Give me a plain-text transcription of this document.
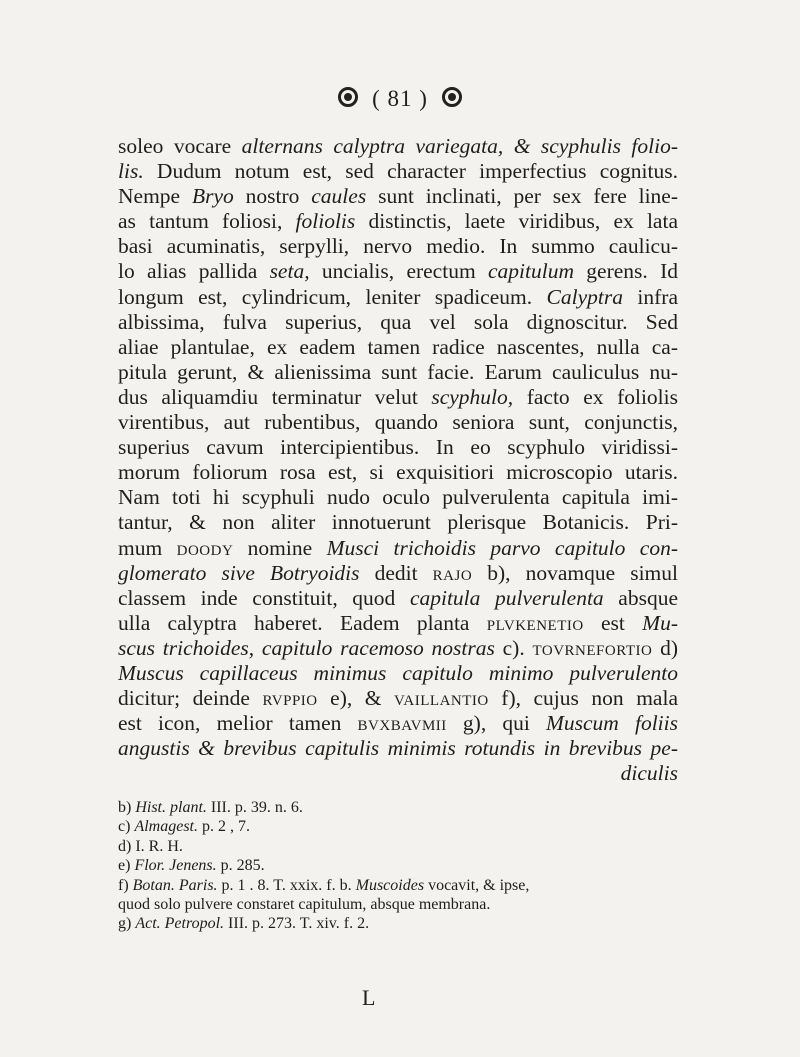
( 81 )
soleo vocare alternans calyptra variegata, & scyphulis folio-
lis. Dudum notum est, sed character imperfectius cognitus.
Nempe Bryo nostro caules sunt inclinati, per sex fere line-
as tantum foliosi, foliolis distinctis, laete viridibus, ex lata
basi acuminatis, serpylli, nervo medio. In summo caulicu-
lo alias pallida seta, uncialis, erectum capitulum gerens. Id
longum est, cylindricum, leniter spadiceum. Calyptra infra
albissima, fulva superius, qua vel sola dignoscitur. Sed
aliae plantulae, ex eadem tamen radice nascentes, nulla ca-
pitula gerunt, & alienissima sunt facie. Earum cauliculus nu-
dus aliquamdiu terminatur velut scyphulo, facto ex foliolis
virentibus, aut rubentibus, quando seniora sunt, conjunctis,
superius cavum intercipientibus. In eo scyphulo viridissi-
morum foliorum rosa est, si exquisitiori microscopio utaris.
Nam toti hi scyphuli nudo oculo pulverulenta capitula imi-
tantur, & non aliter innotuerunt plerisque Botanicis. Pri-
mum doody nomine Musci trichoidis parvo capitulo con-
glomerato sive Botryoidis dedit rajo b), novamque simul
classem inde constituit, quod capitula pulverulenta absque
ulla calyptra haberet. Eadem planta plvkenetio est Mu-
scus trichoides, capitulo racemoso nostras c). tovrnefortio d)
Muscus capillaceus minimus capitulo minimo pulverulento
dicitur; deinde rvppio e), & vaillantio f), cujus non mala
est icon, melior tamen bvxbavmii g), qui Muscum foliis
angustis & brevibus capitulis minimis rotundis in brevibus pe-
diculis
b) Hist. plant. III. p. 39. n. 6.
c) Almagest. p. 2 , 7.
d) I. R. H.
e) Flor. Jenens. p. 285.
f) Botan. Paris. p. 1 . 8. T. xxix. f. b. Muscoides vocavit, & ipse,
quod solo pulvere constaret capitulum, absque membrana.
g) Act. Petropol. III. p. 273. T. xiv. f. 2.
L
